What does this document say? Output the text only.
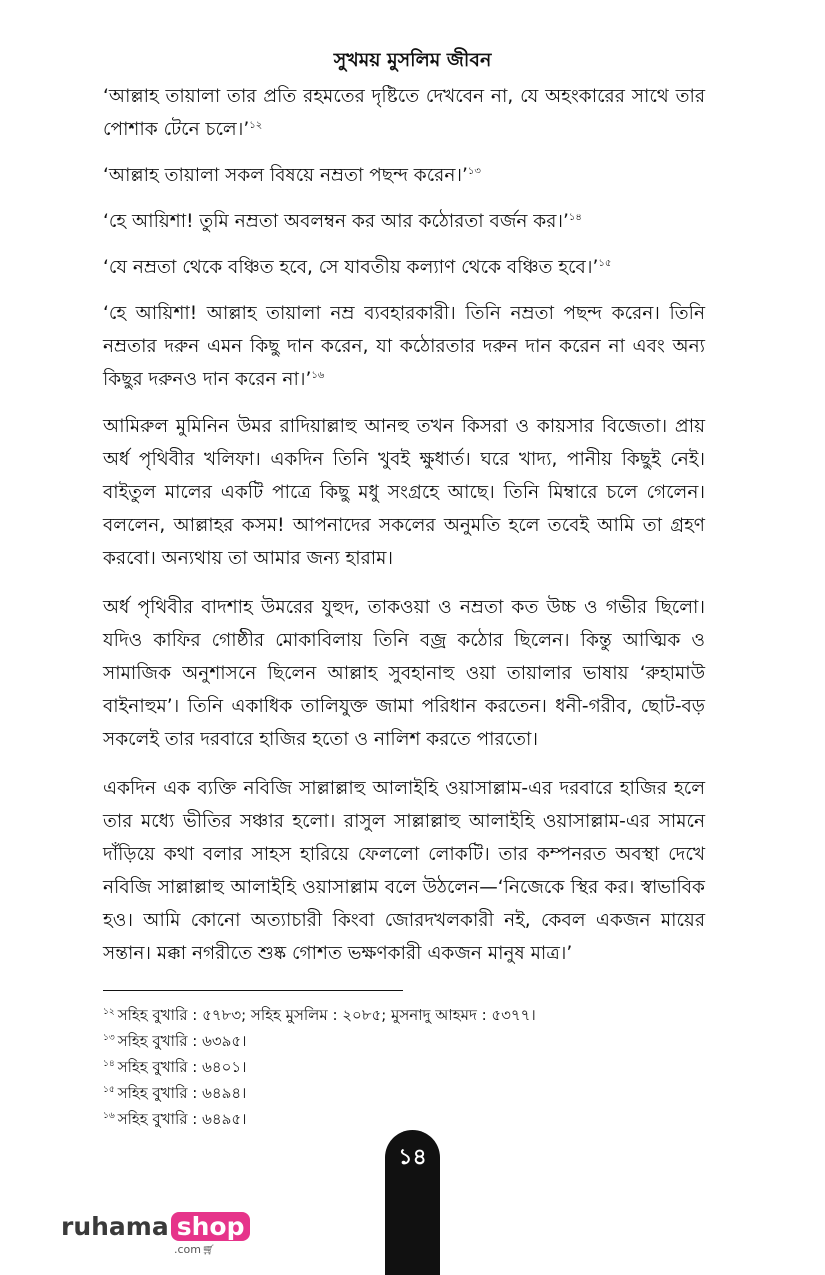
সুখময় মুসলিম জীবন

‘আল্লাহ তায়ালা তার প্রতি রহমতের দৃষ্টিতে দেখবেন না, যে অহংকারের সাথে তার পোশাক টেনে চলে।’$^{১২}$

‘আল্লাহ তায়ালা সকল বিষয়ে নম্রতা পছন্দ করেন।’$^{১৩}$

‘হে আয়িশা! তুমি নম্রতা অবলম্বন কর আর কঠোরতা বর্জন কর।’$^{১৪}$

‘যে নম্রতা থেকে বঞ্চিত হবে, সে যাবতীয় কল্যাণ থেকে বঞ্চিত হবে।’$^{১৫}$

‘হে আয়িশা! আল্লাহ তায়ালা নম্র ব্যবহারকারী। তিনি নম্রতা পছন্দ করেন। তিনি নম্রতার দরুন এমন কিছু দান করেন, যা কঠোরতার দরুন দান করেন না এবং অন্য কিছুর দরুনও দান করেন না।’$^{১৬}$

আমিরুল মুমিনিন উমর রাদিয়াল্লাহু আনহু তখন কিসরা ও কায়সার বিজেতা। প্রায় অর্ধ পৃথিবীর খলিফা। একদিন তিনি খুবই ক্ষুধার্ত। ঘরে খাদ্য, পানীয় কিছুই নেই। বাইতুল মালের একটি পাত্রে কিছু মধু সংগ্রহে আছে। তিনি মিম্বারে চলে গেলেন। বললেন, আল্লাহর কসম! আপনাদের সকলের অনুমতি হলে তবেই আমি তা গ্রহণ করবো। অন্যথায় তা আমার জন্য হারাম।

অর্ধ পৃথিবীর বাদশাহ উমরের যুহুদ, তাকওয়া ও নম্রতা কত উচ্চ ও গভীর ছিলো। যদিও কাফির গোষ্ঠীর মোকাবিলায় তিনি বজ্র কঠোর ছিলেন। কিন্তু আত্মিক ও সামাজিক অনুশাসনে ছিলেন আল্লাহ সুবহানাহু ওয়া তায়ালার ভাষায় ‘রুহামাউ বাইনাহুম’। তিনি একাধিক তালিযুক্ত জামা পরিধান করতেন। ধনী-গরীব, ছোট-বড় সকলেই তার দরবারে হাজির হতো ও নালিশ করতে পারতো।

একদিন এক ব্যক্তি নবিজি সাল্লাল্লাহু আলাইহি ওয়াসাল্লাম-এর দরবারে হাজির হলে তার মধ্যে ভীতির সঞ্চার হলো। রাসুল সাল্লাল্লাহু আলাইহি ওয়াসাল্লাম-এর সামনে দাঁড়িয়ে কথা বলার সাহস হারিয়ে ফেললো লোকটি। তার কম্পনরত অবস্থা দেখে নবিজি সাল্লাল্লাহু আলাইহি ওয়াসাল্লাম বলে উঠলেন—‘নিজেকে স্থির কর। স্বাভাবিক হও। আমি কোনো অত্যাচারী কিংবা জোরদখলকারী নই, কেবল একজন মায়ের সন্তান। মক্কা নগরীতে শুষ্ক গোশত ভক্ষণকারী একজন মানুষ মাত্র।’

$^{১২}$ সহিহ বুখারি : ৫৭৮৩; সহিহ মুসলিম : ২০৮৫; মুসনাদু আহমদ : ৫৩৭৭।

$^{১৩}$ সহিহ বুখারি : ৬৩৯৫।

$^{১৪}$ সহিহ বুখারি : ৬৪০১।

$^{১৫}$ সহিহ বুখারি : ৬৪৯৪।

$^{১৬}$ সহিহ বুখারি : ৬৪৯৫।

১৪
ruhama shop
.com🛒︎
